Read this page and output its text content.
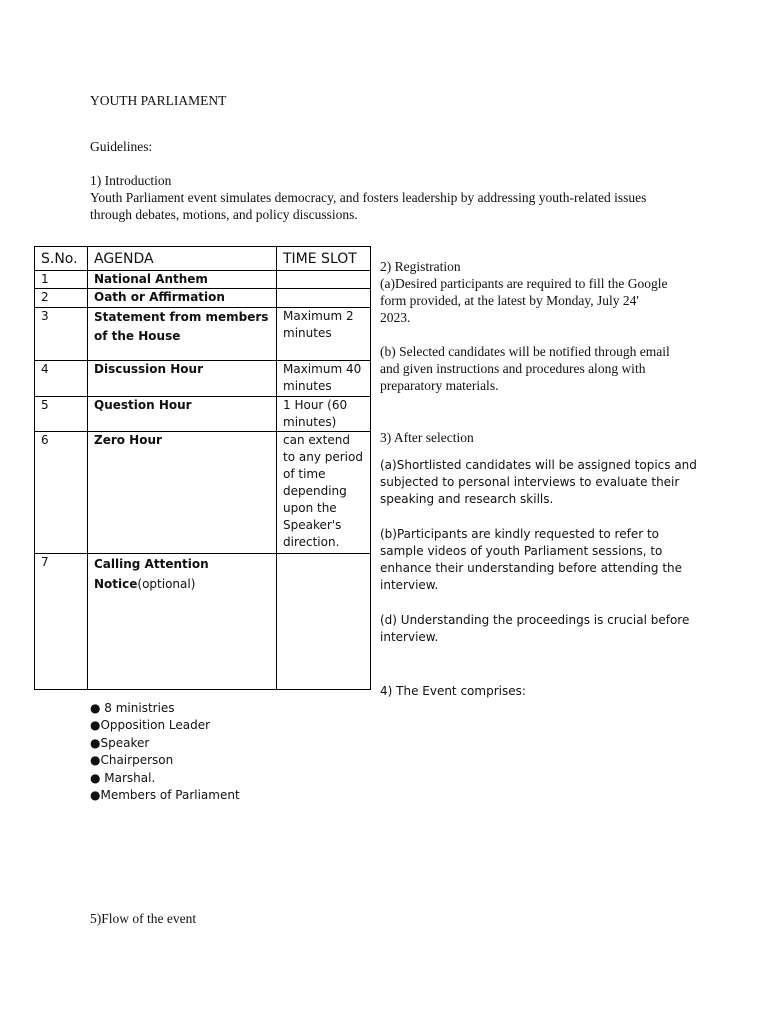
YOUTH PARLIAMENT
Guidelines:

1) Introduction

Youth Parliament event simulates democracy, and fosters leadership by addressing youth-related issues

through debates, motions, and policy discussions.

S.No.	AGENDA	TIME SLOT
1	National Anthem	
2	Oath or Affirmation	
3	Statement from members of the House	Maximum 2 minutes
4	Discussion Hour	Maximum 40 minutes
5	Question Hour	1 Hour (60 minutes)
6	Zero Hour	can extend to any period of time depending upon the Speaker's direction.
7	Calling Attention Notice(optional)	

2) Registration

(a)Desired participants are required to fill the Google

form provided, at the latest by Monday, July 24'

2023.

(b) Selected candidates will be notified through email

and given instructions and procedures along with

preparatory materials.

3) After selection

(a)Shortlisted candidates will be assigned topics and

subjected to personal interviews to evaluate their

speaking and research skills.

(b)Participants are kindly requested to refer to

sample videos of youth Parliament sessions, to

enhance their understanding before attending the

interview.

(d) Understanding the proceedings is crucial before

interview.

4) The Event comprises:

● 8 ministries

●Opposition Leader

●Speaker

●Chairperson

● Marshal.

●Members of Parliament

5)Flow of the event
